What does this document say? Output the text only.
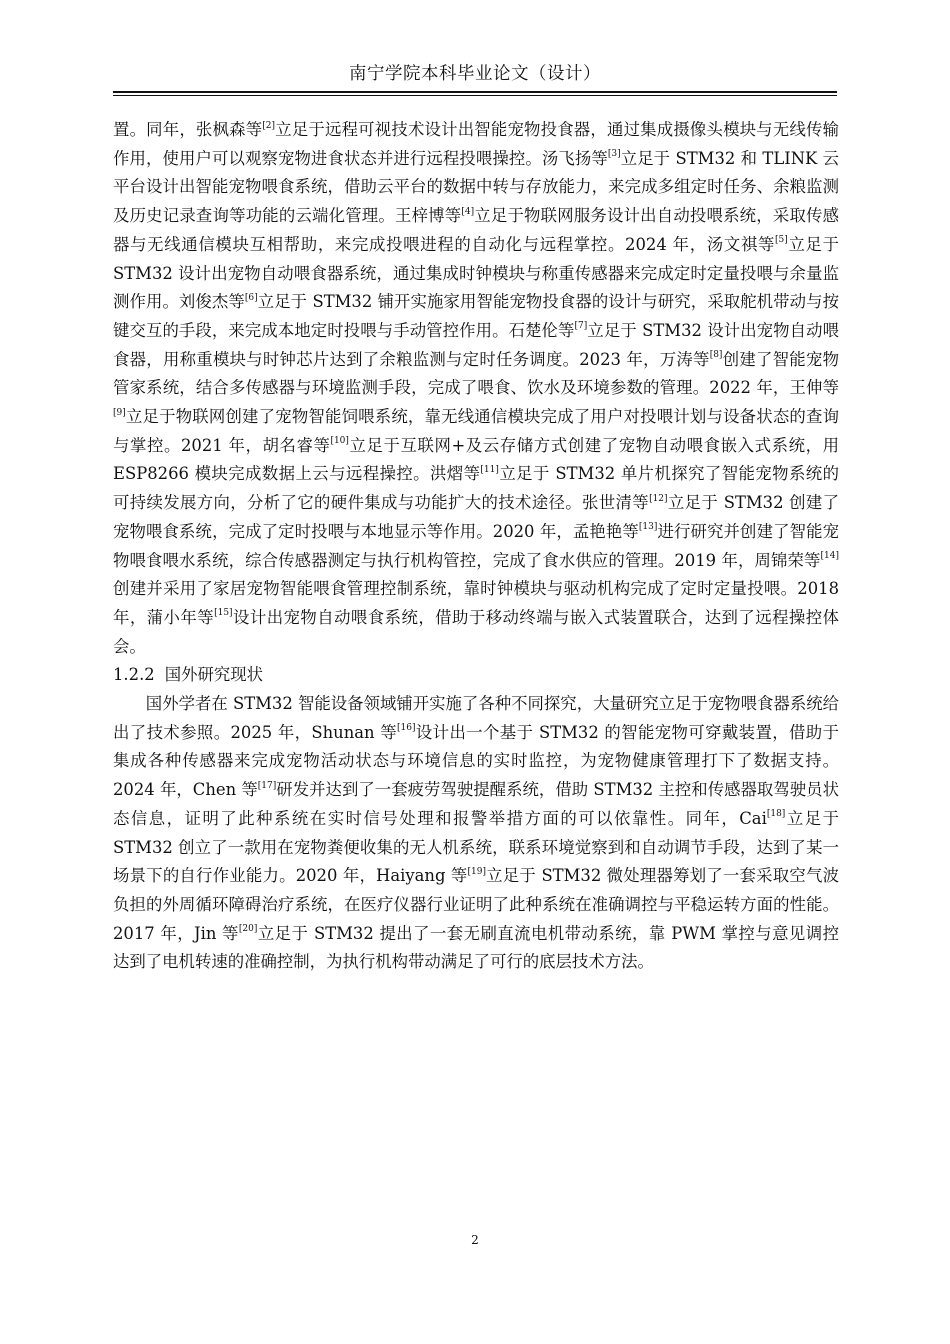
南宁学院本科毕业论文（设计）

置。同年，张枫森等[2]立足于远程可视技术设计出智能宠物投食器，通过集成摄像头模块与无线传输作用，使用户可以观察宠物进食状态并进行远程投喂操控。汤飞扬等[3]立足于 STM32 和 TLINK 云平台设计出智能宠物喂食系统，借助云平台的数据中转与存放能力，来完成多组定时任务、余粮监测及历史记录查询等功能的云端化管理。王梓博等[4]立足于物联网服务设计出自动投喂系统，采取传感器与无线通信模块互相帮助，来完成投喂进程的自动化与远程掌控。2024 年，汤文祺等[5]立足于 STM32 设计出宠物自动喂食器系统，通过集成时钟模块与称重传感器来完成定时定量投喂与余量监测作用。刘俊杰等[6]立足于 STM32 铺开实施家用智能宠物投食器的设计与研究，采取舵机带动与按键交互的手段，来完成本地定时投喂与手动管控作用。石楚伦等[7]立足于 STM32 设计出宠物自动喂食器，用称重模块与时钟芯片达到了余粮监测与定时任务调度。2023 年，万涛等[8]创建了智能宠物管家系统，结合多传感器与环境监测手段，完成了喂食、饮水及环境参数的管理。2022 年，王伸等[9]立足于物联网创建了宠物智能饲喂系统，靠无线通信模块完成了用户对投喂计划与设备状态的查询与掌控。2021 年，胡名睿等[10]立足于互联网+及云存储方式创建了宠物自动喂食嵌入式系统，用 ESP8266 模块完成数据上云与远程操控。洪熠等[11]立足于 STM32 单片机探究了智能宠物系统的可持续发展方向，分析了它的硬件集成与功能扩大的技术途径。张世清等[12]立足于 STM32 创建了宠物喂食系统，完成了定时投喂与本地显示等作用。2020 年，孟艳艳等[13]进行研究并创建了智能宠物喂食喂水系统，综合传感器测定与执行机构管控，完成了食水供应的管理。2019 年，周锦荣等[14]创建并采用了家居宠物智能喂食管理控制系统，靠时钟模块与驱动机构完成了定时定量投喂。2018 年，蒲小年等[15]设计出宠物自动喂食系统，借助于移动终端与嵌入式装置联合，达到了远程操控体会。

1.2.2 国外研究现状

国外学者在 STM32 智能设备领域铺开实施了各种不同探究，大量研究立足于宠物喂食器系统给出了技术参照。2025 年，Shunan 等[16]设计出一个基于 STM32 的智能宠物可穿戴装置，借助于集成各种传感器来完成宠物活动状态与环境信息的实时监控，为宠物健康管理打下了数据支持。2024 年，Chen 等[17]研发并达到了一套疲劳驾驶提醒系统，借助 STM32 主控和传感器取驾驶员状态信息，证明了此种系统在实时信号处理和报警举措方面的可以依靠性。同年，Cai[18]立足于 STM32 创立了一款用在宠物粪便收集的无人机系统，联系环境觉察到和自动调节手段，达到了某一场景下的自行作业能力。2020 年，Haiyang 等[19]立足于 STM32 微处理器筹划了一套采取空气波负担的外周循环障碍治疗系统，在医疗仪器行业证明了此种系统在准确调控与平稳运转方面的性能。2017 年，Jin 等[20]立足于 STM32 提出了一套无刷直流电机带动系统，靠 PWM 掌控与意见调控达到了电机转速的准确控制，为执行机构带动满足了可行的底层技术方法。

2
